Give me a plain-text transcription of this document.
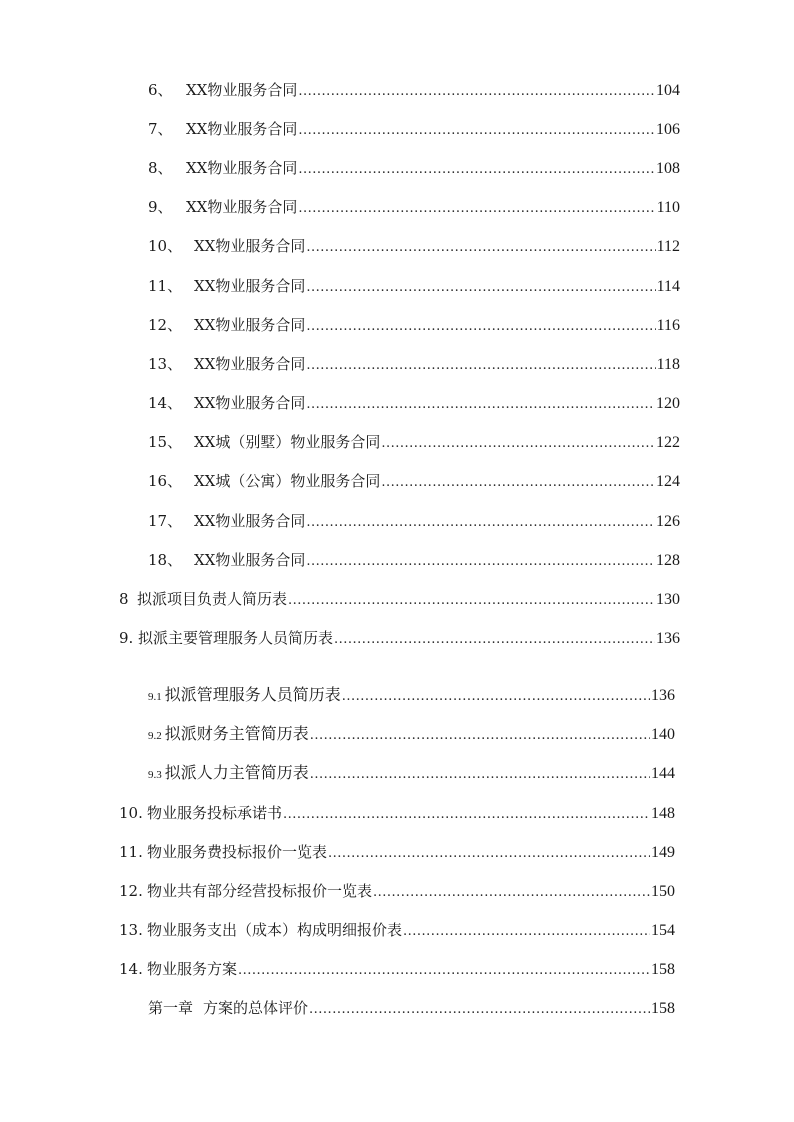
6、 XX物业服务合同 .....	104
7、 XX物业服务合同 .....	106
8、 XX物业服务合同 .....	108
9、 XX物业服务合同 .....	110
10、 XX物业服务合同 .....	112
11、 XX物业服务合同 .....	114
12、 XX物业服务合同 .....	116
13、 XX物业服务合同 .....	118
14、 XX物业服务合同 .....	120
15、 XX城（别墅）物业服务合同 .....	122
16、 XX城（公寓）物业服务合同 .....	124
17、 XX物业服务合同 .....	126
18、 XX物业服务合同 .....	128
8 拟派项目负责人简历表 .....	130
9. 拟派主要管理服务人员简历表 .....	136
9.1 拟派管理服务人员简历表 .....	136
9.2 拟派财务主管简历表 .....	140
9.3 拟派人力主管简历表 .....	144
10. 物业服务投标承诺书 .....	148
11. 物业服务费投标报价一览表 .....	149
12. 物业共有部分经营投标报价一览表 .....	150
13. 物业服务支出（成本）构成明细报价表 .....	154
14. 物业服务方案 .....	158
第一章 方案的总体评价 .....	158
